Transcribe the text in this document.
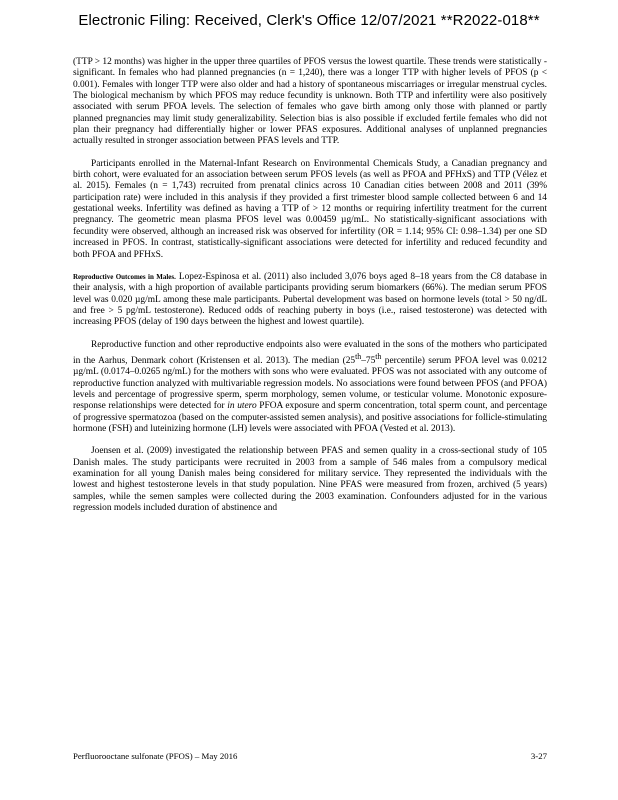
Electronic Filing: Received, Clerk's Office 12/07/2021 **R2022-018**

(TTP > 12 months) was higher in the upper three quartiles of PFOS versus the lowest quartile. These trends were statistically -significant. In females who had planned pregnancies (n = 1,240), there was a longer TTP with higher levels of PFOS (p < 0.001). Females with longer TTP were also older and had a history of spontaneous miscarriages or irregular menstrual cycles. The biological mechanism by which PFOS may reduce fecundity is unknown. Both TTP and infertility were also positively associated with serum PFOA levels. The selection of females who gave birth among only those with planned or partly planned pregnancies may limit study generalizability. Selection bias is also possible if excluded fertile females who did not plan their pregnancy had differentially higher or lower PFAS exposures. Additional analyses of unplanned pregnancies actually resulted in stronger association between PFAS levels and TTP.

Participants enrolled in the Maternal-Infant Research on Environmental Chemicals Study, a Canadian pregnancy and birth cohort, were evaluated for an association between serum PFOS levels (as well as PFOA and PFHxS) and TTP (Vélez et al. 2015). Females (n = 1,743) recruited from prenatal clinics across 10 Canadian cities between 2008 and 2011 (39% participation rate) were included in this analysis if they provided a first trimester blood sample collected between 6 and 14 gestational weeks. Infertility was defined as having a TTP of > 12 months or requiring infertility treatment for the current pregnancy. The geometric mean plasma PFOS level was 0.00459 µg/mL. No statistically-significant associations with fecundity were observed, although an increased risk was observed for infertility (OR = 1.14; 95% CI: 0.98–1.34) per one SD increased in PFOS. In contrast, statistically-significant associations were detected for infertility and reduced fecundity and both PFOA and PFHxS.

Reproductive Outcomes in Males. Lopez-Espinosa et al. (2011) also included 3,076 boys aged 8–18 years from the C8 database in their analysis, with a high proportion of available participants providing serum biomarkers (66%). The median serum PFOS level was 0.020 µg/mL among these male participants. Pubertal development was based on hormone levels (total > 50 ng/dL and free > 5 pg/mL testosterone). Reduced odds of reaching puberty in boys (i.e., raised testosterone) was detected with increasing PFOS (delay of 190 days between the highest and lowest quartile).

Reproductive function and other reproductive endpoints also were evaluated in the sons of the mothers who participated in the Aarhus, Denmark cohort (Kristensen et al. 2013). The median (25th–75th percentile) serum PFOA level was 0.0212 µg/mL (0.0174–0.0265 ng/mL) for the mothers with sons who were evaluated. PFOS was not associated with any outcome of reproductive function analyzed with multivariable regression models. No associations were found between PFOS (and PFOA) levels and percentage of progressive sperm, sperm morphology, semen volume, or testicular volume. Monotonic exposure-response relationships were detected for in utero PFOA exposure and sperm concentration, total sperm count, and percentage of progressive spermatozoa (based on the computer-assisted semen analysis), and positive associations for follicle-stimulating hormone (FSH) and luteinizing hormone (LH) levels were associated with PFOA (Vested et al. 2013).

Joensen et al. (2009) investigated the relationship between PFAS and semen quality in a cross-sectional study of 105 Danish males. The study participants were recruited in 2003 from a sample of 546 males from a compulsory medical examination for all young Danish males being considered for military service. They represented the individuals with the lowest and highest testosterone levels in that study population. Nine PFAS were measured from frozen, archived (5 years) samples, while the semen samples were collected during the 2003 examination. Confounders adjusted for in the various regression models included duration of abstinence and

Perfluorooctane sulfonate (PFOS) – May 2016	3-27
